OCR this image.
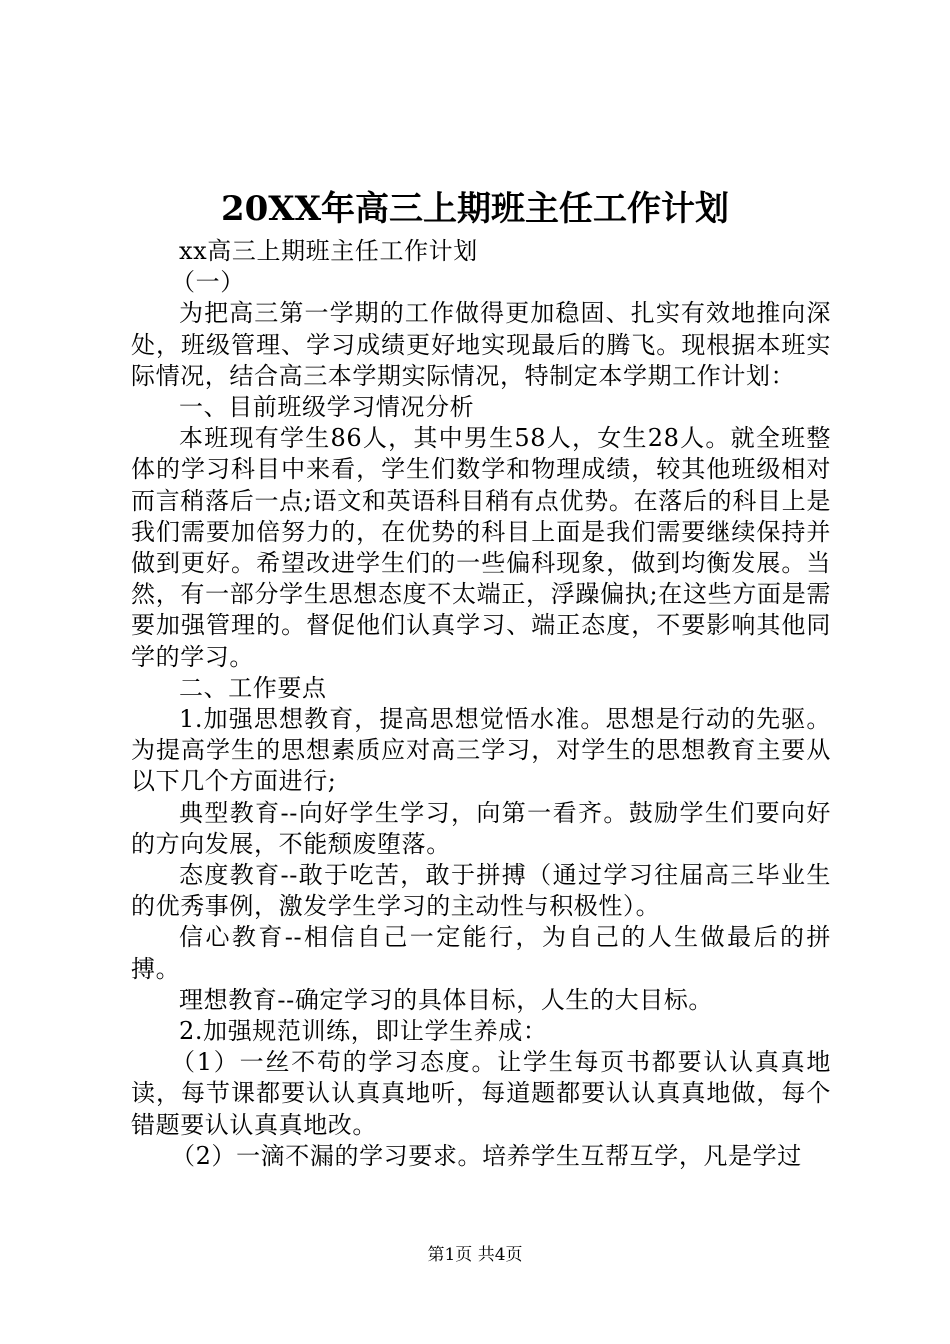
20XX年高三上期班主任工作计划

xx高三上期班主任工作计划

（一）

为把高三第一学期的工作做得更加稳固、扎实有效地推向深处，班级管理、学习成绩更好地实现最后的腾飞。现根据本班实际情况，结合高三本学期实际情况，特制定本学期工作计划：

一、目前班级学习情况分析

本班现有学生86人，其中男生58人，女生28人。就全班整体的学习科目中来看，学生们数学和物理成绩，较其他班级相对而言稍落后一点;语文和英语科目稍有点优势。在落后的科目上是我们需要加倍努力的，在优势的科目上面是我们需要继续保持并做到更好。希望改进学生们的一些偏科现象，做到均衡发展。当然，有一部分学生思想态度不太端正，浮躁偏执;在这些方面是需要加强管理的。督促他们认真学习、端正态度，不要影响其他同学的学习。

二、工作要点

1.加强思想教育，提高思想觉悟水准。思想是行动的先驱。为提高学生的思想素质应对高三学习，对学生的思想教育主要从以下几个方面进行;

典型教育--向好学生学习，向第一看齐。鼓励学生们要向好的方向发展，不能颓废堕落。

态度教育--敢于吃苦，敢于拼搏（通过学习往届高三毕业生的优秀事例，激发学生学习的主动性与积极性）。

信心教育--相信自己一定能行，为自己的人生做最后的拼搏。

理想教育--确定学习的具体目标，人生的大目标。

2.加强规范训练，即让学生养成：

（1）一丝不苟的学习态度。让学生每页书都要认认真真地读，每节课都要认认真真地听，每道题都要认认真真地做，每个错题要认认真真地改。

（2）一滴不漏的学习要求。培养学生互帮互学，凡是学过

第1页 共4页
